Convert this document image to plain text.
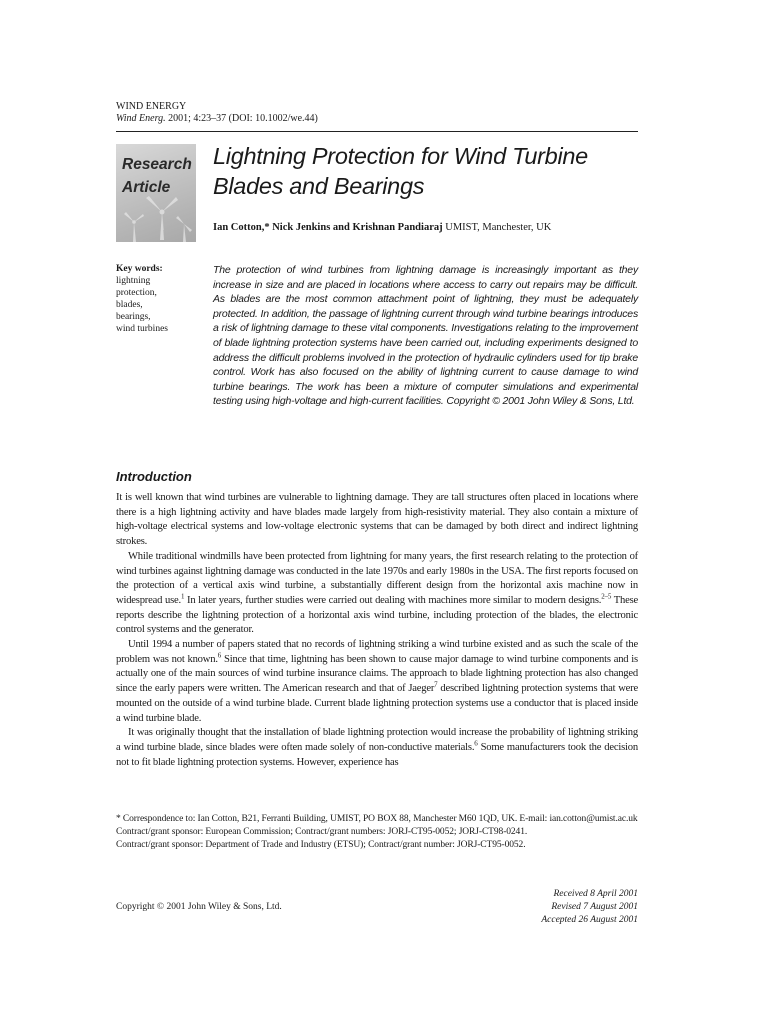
WIND ENERGY
Wind Energ. 2001; 4:23–37 (DOI: 10.1002/we.44)
Research
Article
Lightning Protection for Wind Turbine Blades and Bearings
Ian Cotton,* Nick Jenkins and Krishnan Pandiaraj UMIST, Manchester, UK
Key words:
lightning
protection,
blades,
bearings,
wind turbines
The protection of wind turbines from lightning damage is increasingly important as they increase in size and are placed in locations where access to carry out repairs may be difficult. As blades are the most common attachment point of lightning, they must be adequately protected. In addition, the passage of lightning current through wind turbine bearings introduces a risk of lightning damage to these vital components. Investigations relating to the improvement of blade lightning protection systems have been carried out, including experiments designed to address the difficult problems involved in the protection of hydraulic cylinders used for tip brake control. Work has also focused on the ability of lightning current to cause damage to wind turbine bearings. The work has been a mixture of computer simulations and experimental testing using high-voltage and high-current facilities. Copyright © 2001 John Wiley & Sons, Ltd.
Introduction

It is well known that wind turbines are vulnerable to lightning damage. They are tall structures often placed in locations where there is a high lightning activity and have blades made largely from high-resistivity material. They also contain a mixture of high-voltage electrical systems and low-voltage electronic systems that can be damaged by both direct and indirect lightning strokes.

While traditional windmills have been protected from lightning for many years, the first research relating to the protection of wind turbines against lightning damage was conducted in the late 1970s and early 1980s in the USA. The first reports focused on the protection of a vertical axis wind turbine, a substantially different design from the horizontal axis machine now in widespread use.$^1$ In later years, further studies were carried out dealing with machines more similar to modern designs.$^{2-5}$ These reports describe the lightning protection of a horizontal axis wind turbine, including protection of the blades, the electronic control systems and the generator.

Until 1994 a number of papers stated that no records of lightning striking a wind turbine existed and as such the scale of the problem was not known.$^6$ Since that time, lightning has been shown to cause major damage to wind turbine components and is actually one of the main sources of wind turbine insurance claims. The approach to blade lightning protection has also changed since the early papers were written. The American research and that of Jaeger$^7$ described lightning protection systems that were mounted on the outside of a wind turbine blade. Current blade lightning protection systems use a conductor that is placed inside a wind turbine blade.

It was originally thought that the installation of blade lightning protection would increase the probability of lightning striking a wind turbine blade, since blades were often made solely of non-conductive materials.$^6$ Some manufacturers took the decision not to fit blade lightning protection systems. However, experience has

* Correspondence to: Ian Cotton, B21, Ferranti Building, UMIST, PO BOX 88, Manchester M60 1QD, UK. E-mail: ian.cotton@umist.ac.uk

Contract/grant sponsor: European Commission; Contract/grant numbers: JORJ-CT95-0052; JORJ-CT98-0241.

Contract/grant sponsor: Department of Trade and Industry (ETSU); Contract/grant number: JORJ-CT95-0052.

Received 8 April 2001
Revised 7 August 2001
Accepted 26 August 2001
Copyright © 2001 John Wiley & Sons, Ltd.
